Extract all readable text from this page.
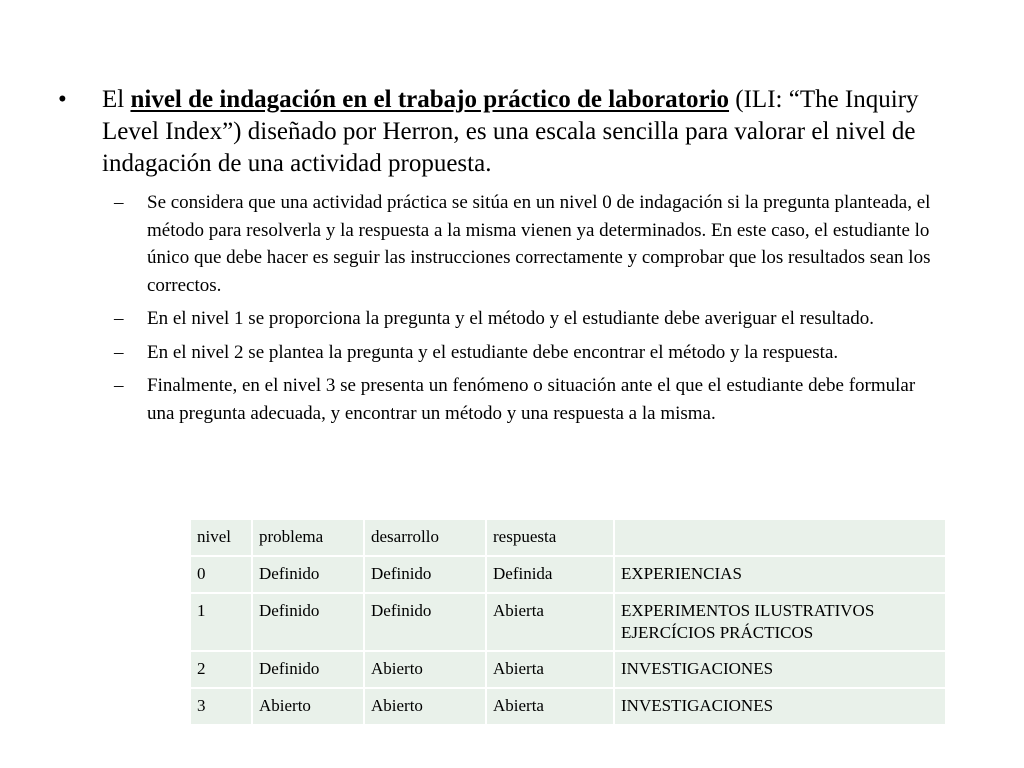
•	El nivel de indagación en el trabajo práctico de laboratorio (ILI: “The Inquiry Level Index”) diseñado por Herron, es una escala sencilla para valorar el nivel de indagación de una actividad propuesta.
– Se considera que una actividad práctica se sitúa en un nivel 0 de indagación si la pregunta planteada, el método para resolverla y la respuesta a la misma vienen ya determinados. En este caso, el estudiante lo único que debe hacer es seguir las instrucciones correctamente y comprobar que los resultados sean los correctos.
– En el nivel 1 se proporciona la pregunta y el método y el estudiante debe averiguar el resultado.
– En el nivel 2 se plantea la pregunta y el estudiante debe encontrar el método y la respuesta.
– Finalmente, en el nivel 3 se presenta un fenómeno o situación ante el que el estudiante debe formular una pregunta adecuada, y encontrar un método y una respuesta a la misma.
nivel	problema	desarrollo	respuesta	
0	Definido	Definido	Definida	EXPERIENCIAS
1	Definido	Definido	Abierta	EXPERIMENTOS ILUSTRATIVOS
EJERCÍCIOS PRÁCTICOS

2	Definido	Abierto	Abierta	INVESTIGACIONES
3	Abierto	Abierto	Abierta	INVESTIGACIONES
